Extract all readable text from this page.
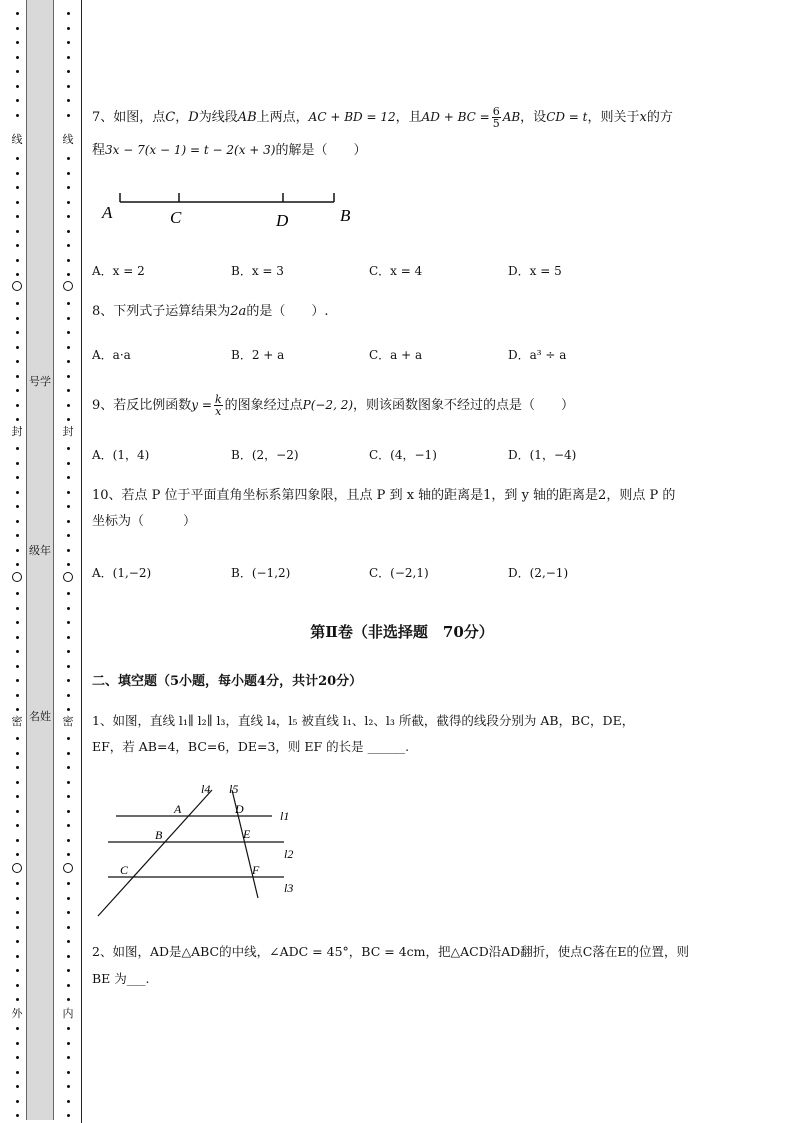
线
封
密
外
号学
级年
名姓
线
封
密
内
7、如图，点C，D为线段AB上两点，AC + BD = 12，且AD + BC = $\frac{6}{5}$ AB，设CD = t，则关于x的方
程3x − 7(x − 1) = t − 2(x + 3)的解是（　　）
A	C	D	B
A．x = 2	B．x = 3	C．x = 4	D．x = 5
8、下列式子运算结果为2a的是（　　）.
A．a·a	B．2 + a	C．a + a	D．a³ ÷ a
9、若反比例函数$y = \frac{k}{x}$ 的图象经过点P(−2, 2)，则该函数图象不经过的点是（　　）
A．(1，4)	B．(2，−2)	C．(4，−1)	D．(1，−4)
10、若点 P 位于平面直角坐标系第四象限，且点 P 到 x 轴的距离是1，到 y 轴的距离是2，则点 P 的
坐标为（　　　）
A．(1,−2)	B．(−1,2)	C．(−2,1)	D．(2,−1)
第Ⅱ卷（非选择题　70分）
二、填空题（5小题，每小题4分，共计20分）
1、如图，直线 l₁∥ l₂∥ l₃，直线 l₄，l₅ 被直线 l₁、l₂、l₃ 所截，截得的线段分别为 AB，BC，DE，
EF，若 AB=4，BC=6，DE=3，则 EF 的长是 ______.
l4 l5
A	D	l1
B	E
l2
C	F
l3
2、如图，AD是△ABC的中线，∠ADC = 45°，BC = 4cm，把△ACD沿AD翻折，使点C落在E的位置，则
BE 为___.
